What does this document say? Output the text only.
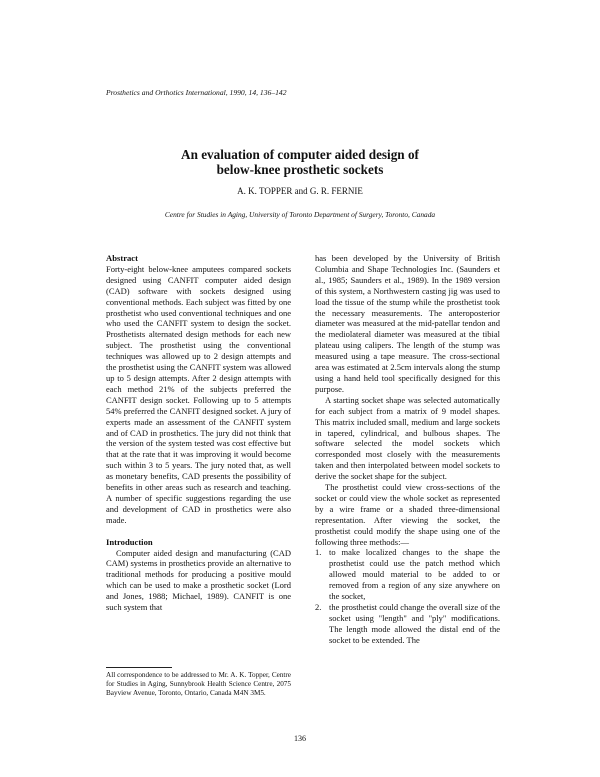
Prosthetics and Orthotics International, 1990, 14, 136–142
An evaluation of computer aided design of
below-knee prosthetic sockets
A. K. TOPPER and G. R. FERNIE
Centre for Studies in Aging, University of Toronto Department of Surgery, Toronto, Canada
Abstract

Forty-eight below-knee amputees compared sockets designed using CANFIT computer aided design (CAD) software with sockets designed using conventional methods. Each subject was fitted by one prosthetist who used conventional techniques and one who used the CANFIT system to design the socket. Prosthetists alternated design methods for each new subject. The prosthetist using the conventional techniques was allowed up to 2 design attempts and the prosthetist using the CANFIT system was allowed up to 5 design attempts. After 2 design attempts with each method 21% of the subjects preferred the CANFIT design socket. Following up to 5 attempts 54% preferred the CANFIT designed socket. A jury of experts made an assessment of the CANFIT system and of CAD in prosthetics. The jury did not think that the version of the system tested was cost effective but that at the rate that it was improving it would become such within 3 to 5 years. The jury noted that, as well as monetary benefits, CAD presents the possibility of benefits in other areas such as research and teaching. A number of specific suggestions regarding the use and development of CAD in prosthetics were also made.

Introduction

Computer aided design and manufacturing (CAD CAM) systems in prosthetics provide an alternative to traditional methods for producing a positive mould which can be used to make a prosthetic socket (Lord and Jones, 1988; Michael, 1989). CANFIT is one such system that

All correspondence to be addressed to Mr. A. K. Topper, Centre for Studies in Aging, Sunnybrook Health Science Centre, 2075 Bayview Avenue, Toronto, Ontario, Canada M4N 3M5.

has been developed by the University of British Columbia and Shape Technologies Inc. (Saunders et al., 1985; Saunders et al., 1989). In the 1989 version of this system, a Northwestern casting jig was used to load the tissue of the stump while the prosthetist took the necessary measurements. The anteroposterior diameter was measured at the mid-patellar tendon and the mediolateral diameter was measured at the tibial plateau using calipers. The length of the stump was measured using a tape measure. The cross-sectional area was estimated at 2.5cm intervals along the stump using a hand held tool specifically designed for this purpose.

A starting socket shape was selected automatically for each subject from a matrix of 9 model shapes. This matrix included small, medium and large sockets in tapered, cylindrical, and bulbous shapes. The software selected the model sockets which corresponded most closely with the measurements taken and then interpolated between model sockets to derive the socket shape for the subject.

The prosthetist could view cross-sections of the socket or could view the whole socket as represented by a wire frame or a shaded three-dimensional representation. After viewing the socket, the prosthetist could modify the shape using one of the following three methods:—

1. to make localized changes to the shape the prosthetist could use the patch method which allowed mould material to be added to or removed from a region of any size anywhere on the socket,
2. the prosthetist could change the overall size of the socket using "length" and "ply" modifications. The length mode allowed the distal end of the socket to be extended. The
136
